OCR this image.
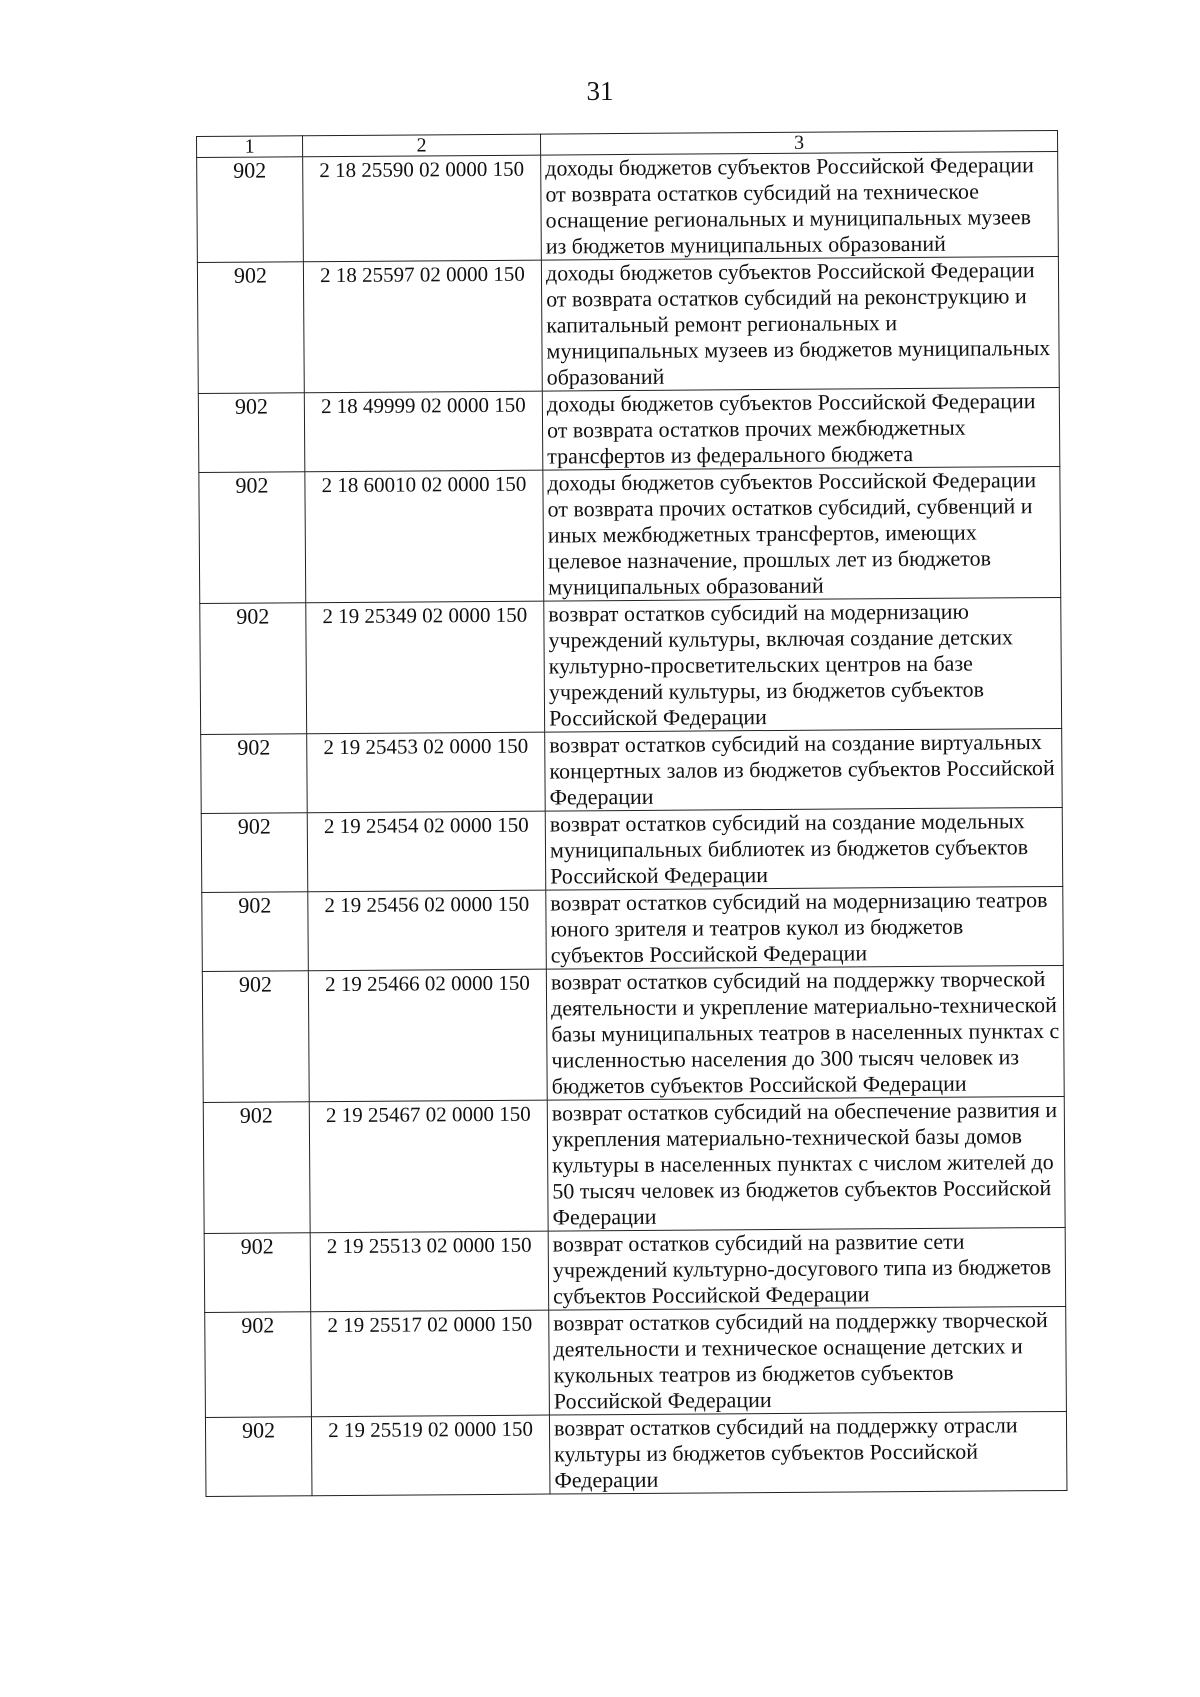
31
1	2	3
902	2 18 25590 02 0000 150	доходы бюджетов субъектов Российской Федерации от возврата остатков субсидий на техническое оснащение региональных и муниципальных музеев из бюджетов муниципальных образований
902	2 18 25597 02 0000 150	доходы бюджетов субъектов Российской Федерации от возврата остатков субсидий на реконструкцию и капитальный ремонт региональных и муниципальных музеев из бюджетов муниципальных образований
902	2 18 49999 02 0000 150	доходы бюджетов субъектов Российской Федерации от возврата остатков прочих межбюджетных трансфертов из федерального бюджета
902	2 18 60010 02 0000 150	доходы бюджетов субъектов Российской Федерации от возврата прочих остатков субсидий, субвенций и иных межбюджетных трансфертов, имеющих целевое назначение, прошлых лет из бюджетов муниципальных образований
902	2 19 25349 02 0000 150	возврат остатков субсидий на модернизацию учреждений культуры, включая создание детских культурно-просветительских центров на базе учреждений культуры, из бюджетов субъектов Российской Федерации
902	2 19 25453 02 0000 150	возврат остатков субсидий на создание виртуальных концертных залов из бюджетов субъектов Российской Федерации
902	2 19 25454 02 0000 150	возврат остатков субсидий на создание модельных муниципальных библиотек из бюджетов субъектов Российской Федерации
902	2 19 25456 02 0000 150	возврат остатков субсидий на модернизацию театров юного зрителя и театров кукол из бюджетов субъектов Российской Федерации
902	2 19 25466 02 0000 150	возврат остатков субсидий на поддержку творческой деятельности и укрепление материально-технической базы муниципальных театров в населенных пунктах с численностью населения до 300 тысяч человек из бюджетов субъектов Российской Федерации
902	2 19 25467 02 0000 150	возврат остатков субсидий на обеспечение развития и укрепления материально-технической базы домов культуры в населенных пунктах с числом жителей до 50 тысяч человек из бюджетов субъектов Российской Федерации
902	2 19 25513 02 0000 150	возврат остатков субсидий на развитие сети учреждений культурно-досугового типа из бюджетов субъектов Российской Федерации
902	2 19 25517 02 0000 150	возврат остатков субсидий на поддержку творческой деятельности и техническое оснащение детских и кукольных театров из бюджетов субъектов Российской Федерации
902	2 19 25519 02 0000 150	возврат остатков субсидий на поддержку отрасли культуры из бюджетов субъектов Российской Федерации
